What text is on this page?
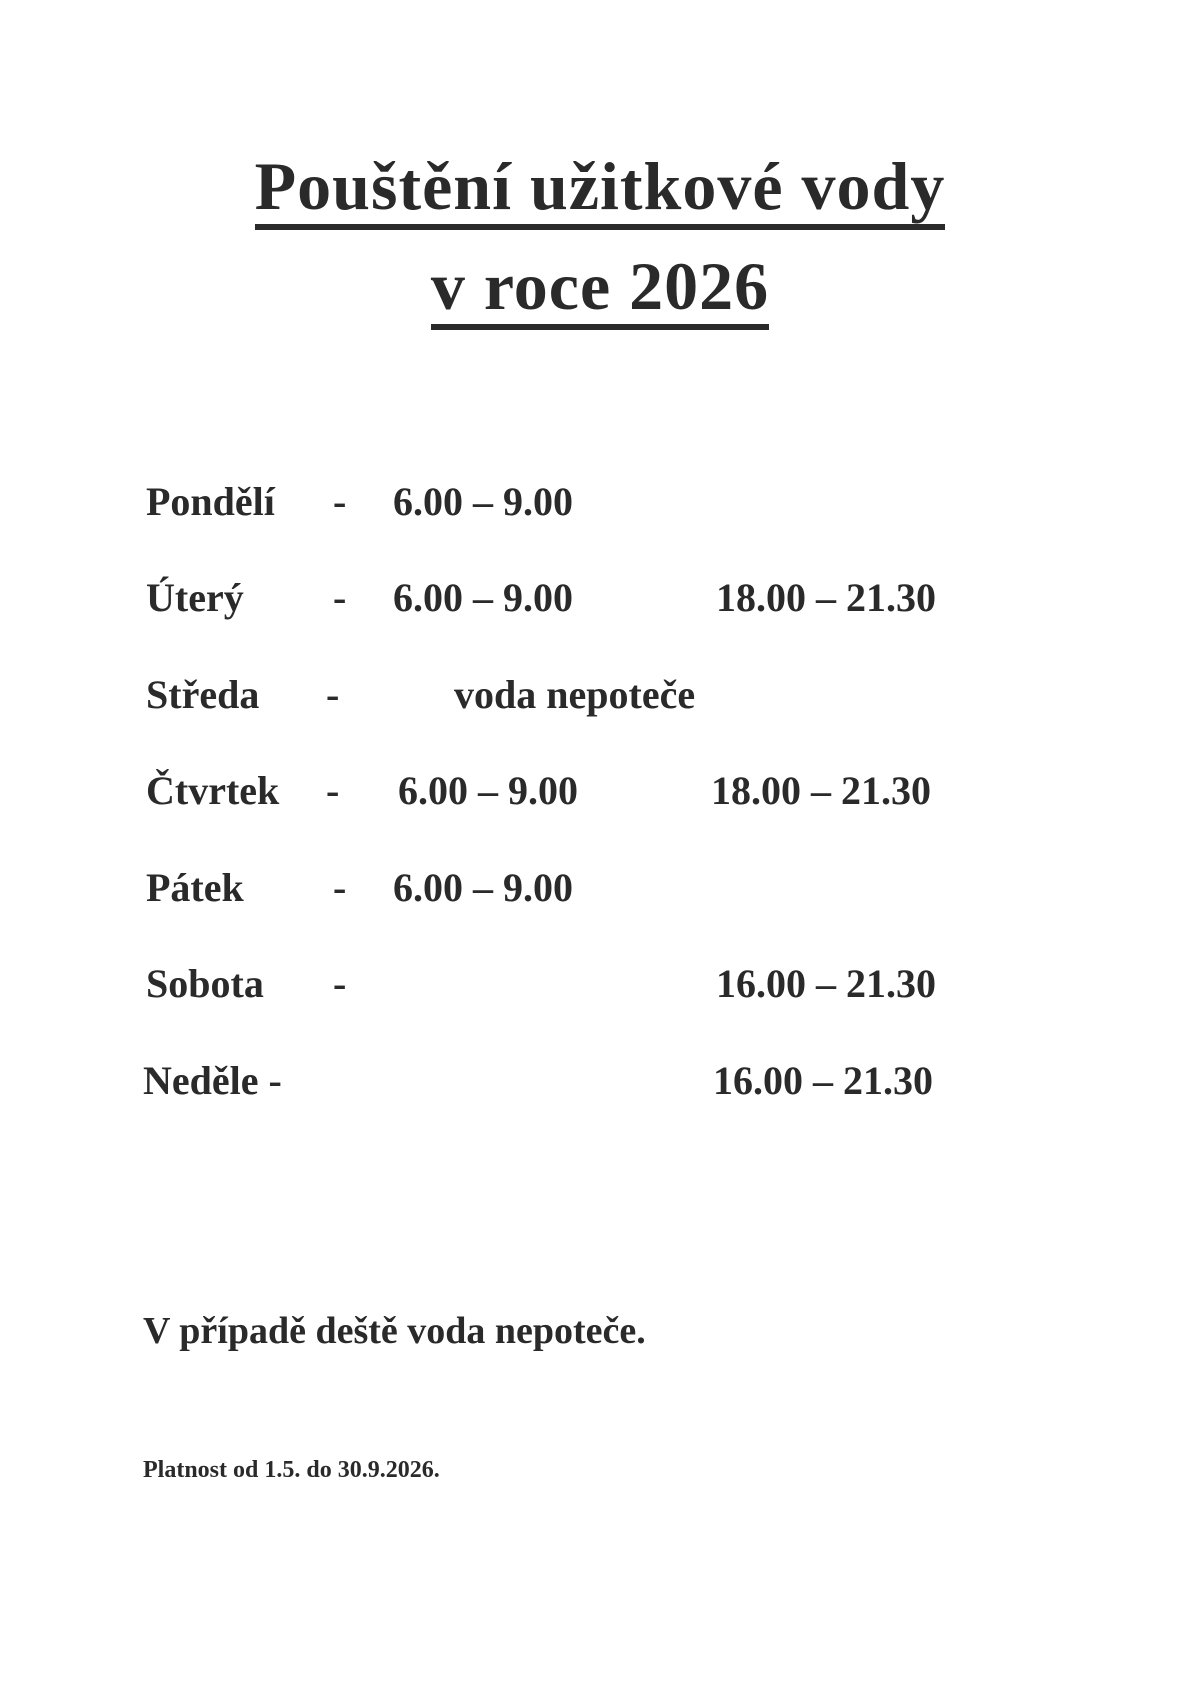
Pouštění užitkové vody
v roce 2026
Pondělí - 6.00 – 9.00
Úterý - 6.00 – 9.00	18.00 – 21.30
Středa -	voda nepoteče
Čtvrtek - 6.00 – 9.00	18.00 – 21.30
Pátek - 6.00 – 9.00
Sobota -	16.00 – 21.30
Neděle -	16.00 – 21.30
V případě deště voda nepoteče.
Platnost od 1.5. do 30.9.2026.
